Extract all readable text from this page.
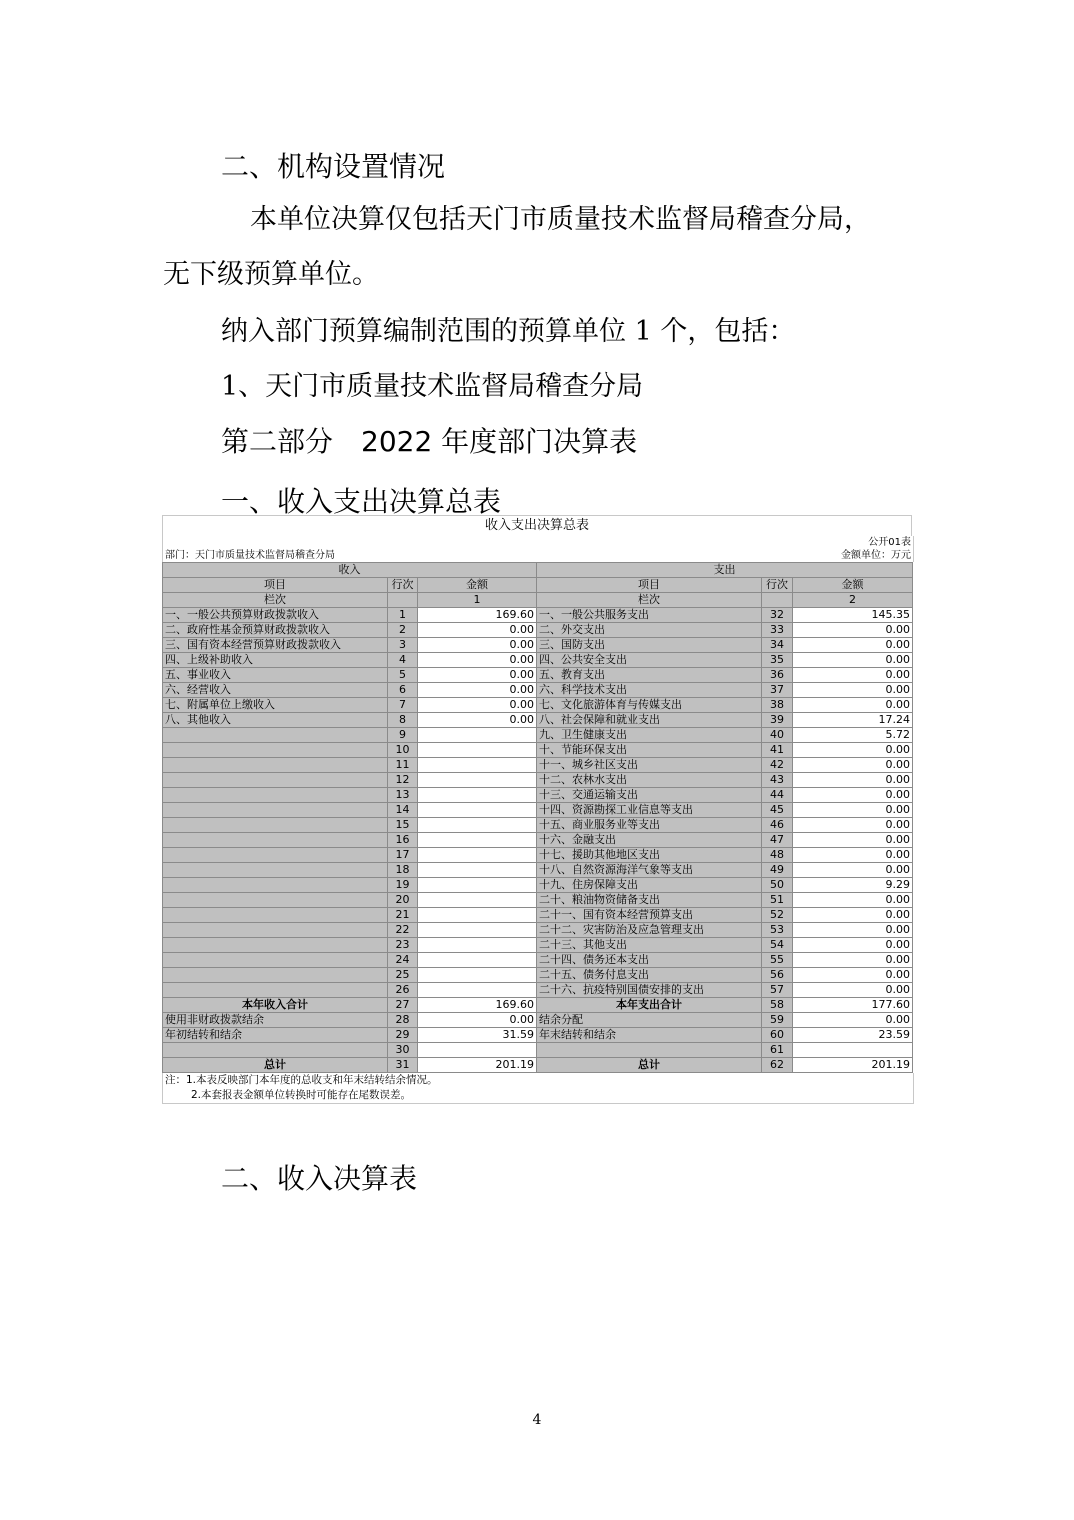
二、机构设置情况
本单位决算仅包括天门市质量技术监督局稽查分局，
无下级预算单位。
纳入部门预算编制范围的预算单位 1 个，包括：
1、天门市质量技术监督局稽查分局
第二部分　2022 年度部门决算表
一、收入支出决算总表
收入支出决算总表
公开01表
部门：天门市质量技术监督局稽查分局	金额单位：万元
收入			支出		
项目	行次	金额	项目	行次	金额
栏次		1	栏次		2
一、一般公共预算财政拨款收入	1	169.60	一、一般公共服务支出	32	145.35
二、政府性基金预算财政拨款收入	2	0.00	二、外交支出	33	0.00
三、国有资本经营预算财政拨款收入	3	0.00	三、国防支出	34	0.00
四、上级补助收入	4	0.00	四、公共安全支出	35	0.00
五、事业收入	5	0.00	五、教育支出	36	0.00
六、经营收入	6	0.00	六、科学技术支出	37	0.00
七、附属单位上缴收入	7	0.00	七、文化旅游体育与传媒支出	38	0.00
八、其他收入	8	0.00	八、社会保障和就业支出	39	17.24
	9		九、卫生健康支出	40	5.72
	10		十、节能环保支出	41	0.00
	11		十一、城乡社区支出	42	0.00
	12		十二、农林水支出	43	0.00
	13		十三、交通运输支出	44	0.00
	14		十四、资源勘探工业信息等支出	45	0.00
	15		十五、商业服务业等支出	46	0.00
	16		十六、金融支出	47	0.00
	17		十七、援助其他地区支出	48	0.00
	18		十八、自然资源海洋气象等支出	49	0.00
	19		十九、住房保障支出	50	9.29
	20		二十、粮油物资储备支出	51	0.00
	21		二十一、国有资本经营预算支出	52	0.00
	22		二十二、灾害防治及应急管理支出	53	0.00
	23		二十三、其他支出	54	0.00
	24		二十四、债务还本支出	55	0.00
	25		二十五、债务付息支出	56	0.00
	26		二十六、抗疫特别国债安排的支出	57	0.00
本年收入合计	27	169.60	本年支出合计	58	177.60
使用非财政拨款结余	28	0.00	结余分配	59	0.00
年初结转和结余	29	31.59	年末结转和结余	60	23.59
	30			61	
总计	31	201.19	总计	62	201.19
注：1.本表反映部门本年度的总收支和年末结转结余情况。
2.本套报表金额单位转换时可能存在尾数误差。
二、收入决算表
4
